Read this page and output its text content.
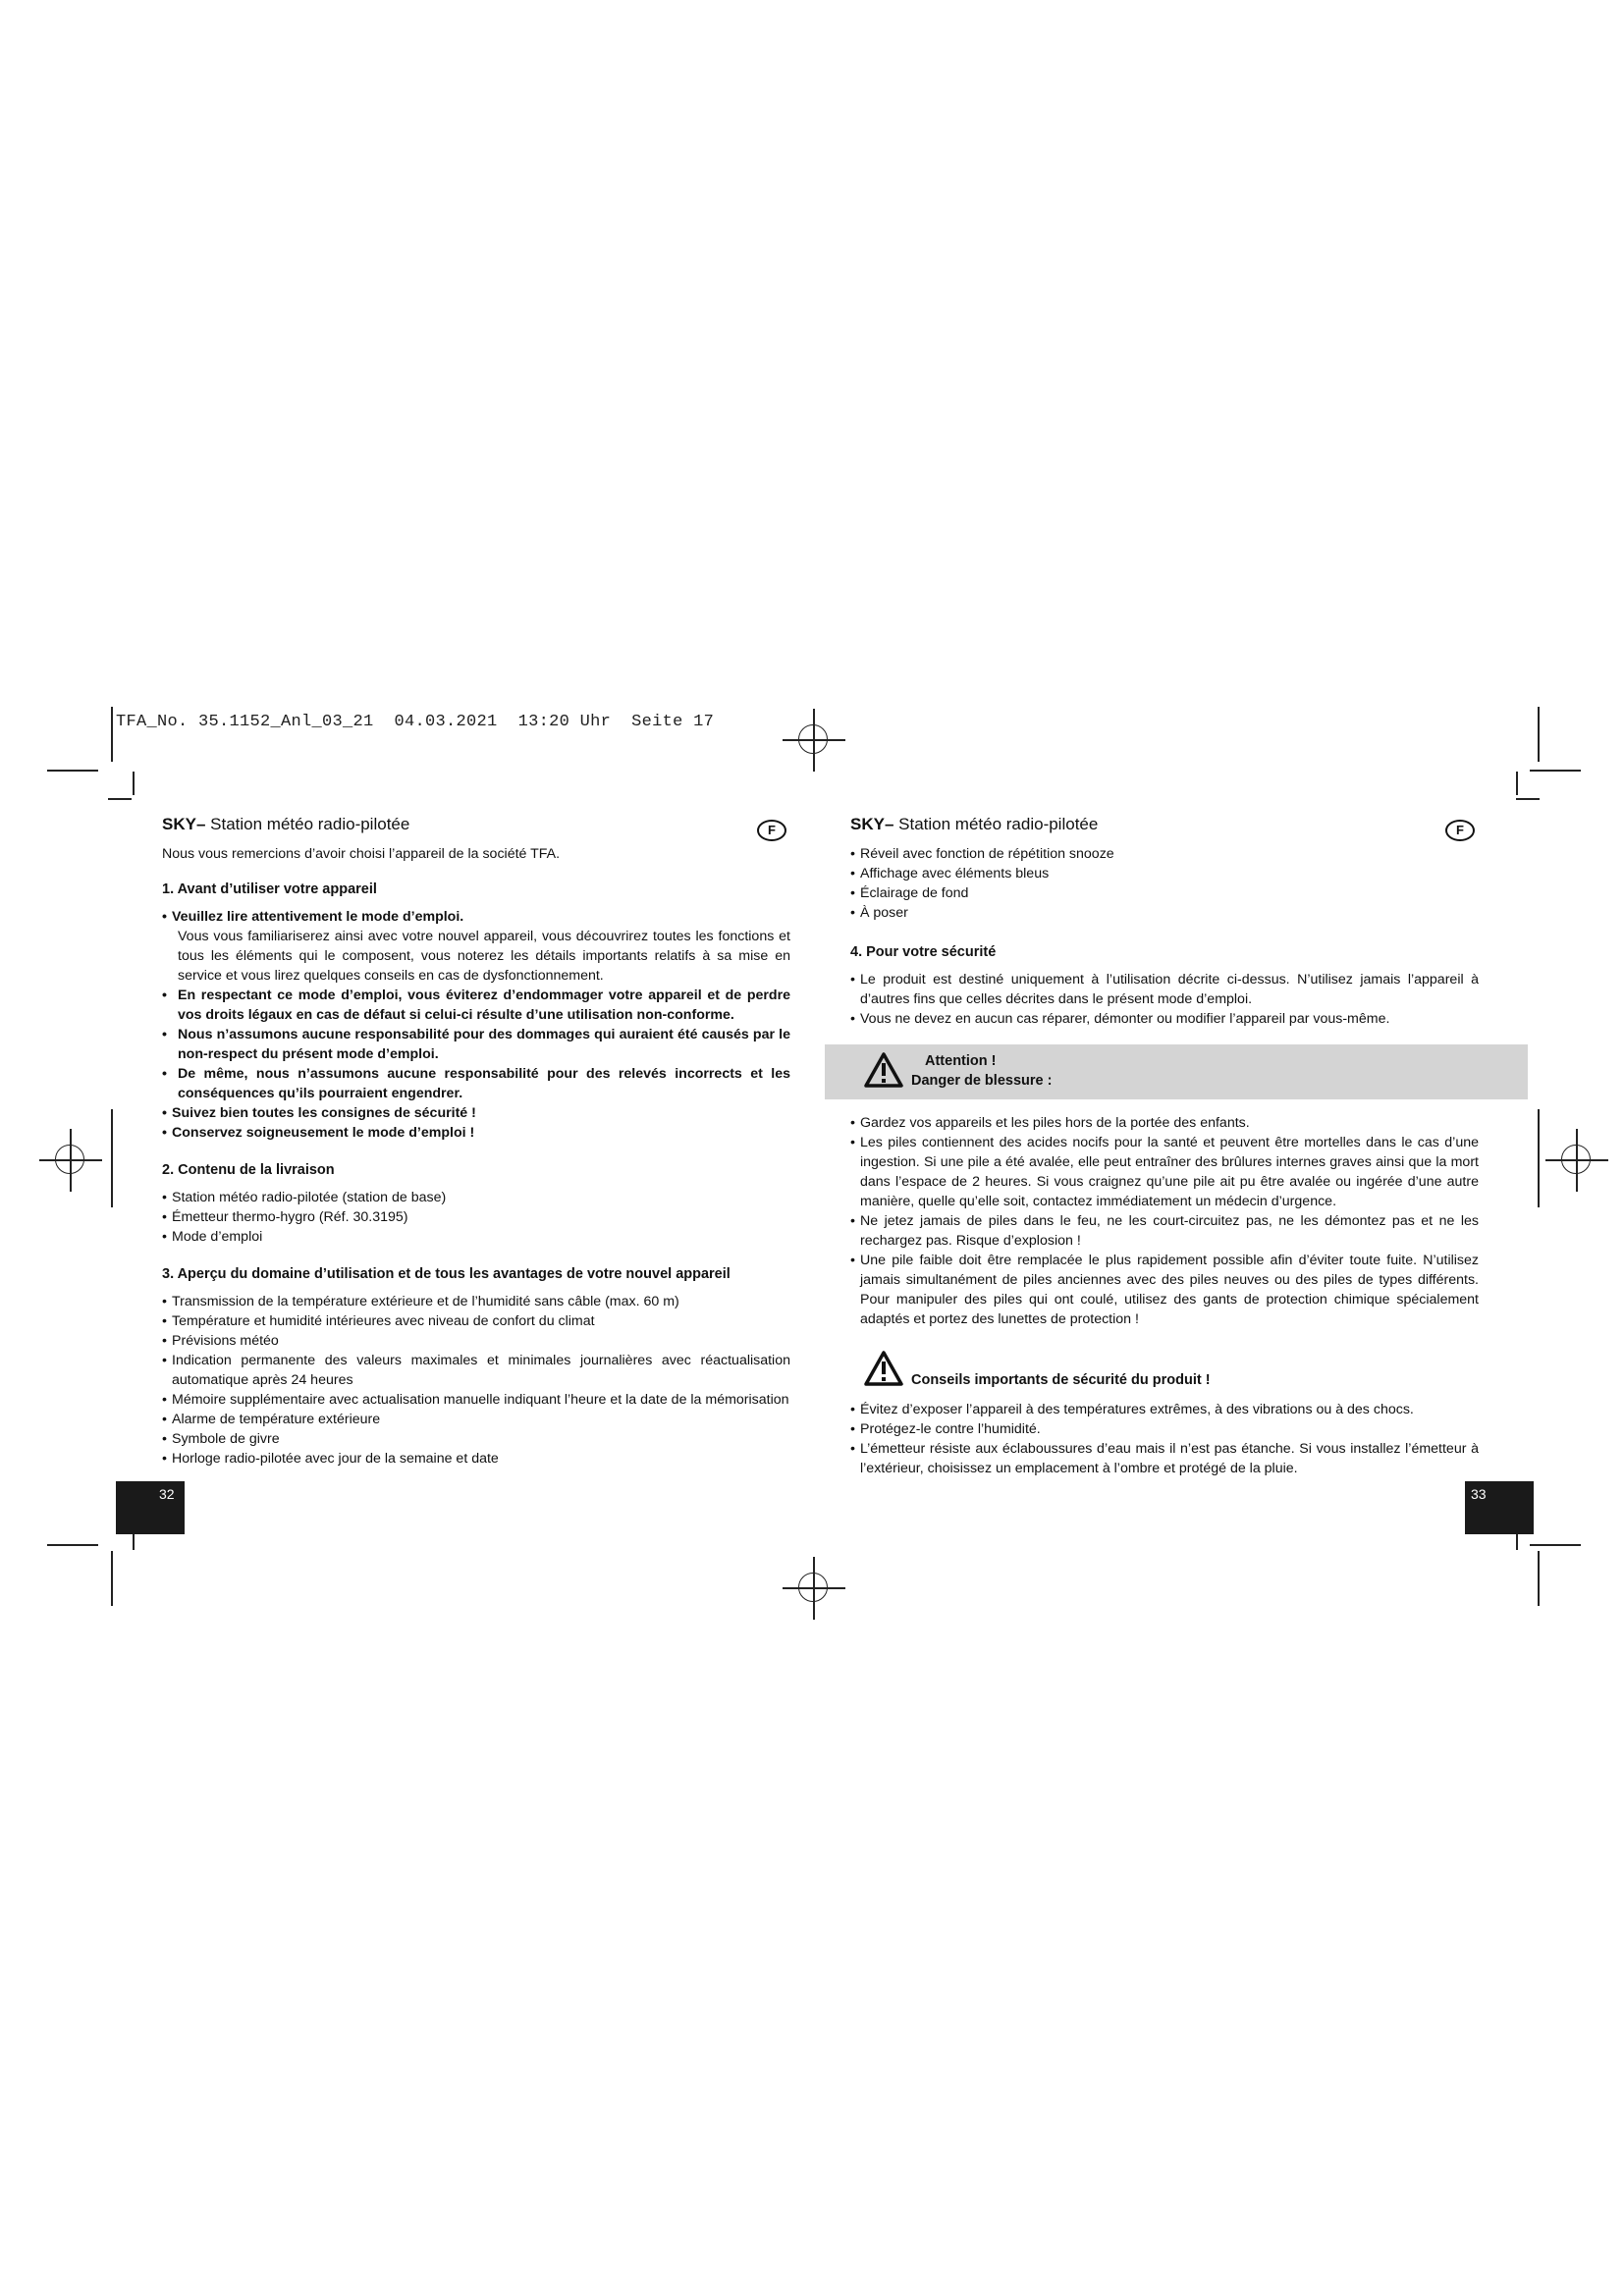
TFA_No. 35.1152_Anl_03_21  04.03.2021  13:20 Uhr  Seite 17
SKY– Station météo radio-pilotée

Nous vous remercions d’avoir choisi l’appareil de la société TFA.

1. Avant d’utiliser votre appareil
• Veuillez lire attentivement le mode d’emploi.
Vous vous familiariserez ainsi avec votre nouvel appareil, vous découvrirez toutes les fonctions et tous les éléments qui le composent, vous noterez les détails importants relatifs à sa mise en service et vous lirez quelques conseils en cas de dysfonctionnement.
• En respectant ce mode d’emploi, vous éviterez d’endommager votre appareil et de perdre vos droits légaux en cas de défaut si celui-ci résulte d’une utilisation non-conforme.
• Nous n’assumons aucune responsabilité pour des dommages qui auraient été causés par le non-respect du présent mode d’emploi.
• De même, nous n’assumons aucune responsabilité pour des relevés incorrects et les conséquences qu’ils pourraient engendrer.
• Suivez bien toutes les consignes de sécurité !
• Conservez soigneusement le mode d’emploi !
2. Contenu de la livraison
• Station météo radio-pilotée (station de base)
• Émetteur thermo-hygro (Réf. 30.3195)
• Mode d’emploi
3. Aperçu du domaine d’utilisation et de tous les avantages de votre nouvel appareil
• Transmission de la température extérieure et de l’humidité sans câble (max. 60 m)
• Température et humidité intérieures avec niveau de confort du climat
• Prévisions météo
• Indication permanente des valeurs maximales et minimales journalières avec réactualisation automatique après 24 heures
• Mémoire supplémentaire avec actualisation manuelle indiquant l’heure et la date de la mémorisation
• Alarme de température extérieure
• Symbole de givre
• Horloge radio-pilotée avec jour de la semaine et date
F
32
SKY– Station météo radio-pilotée
• Réveil avec fonction de répétition snooze
• Affichage avec éléments bleus
• Éclairage de fond
• À poser
4. Pour votre sécurité
• Le produit est destiné uniquement à l’utilisation décrite ci-dessus. N’utilisez jamais l’appareil à d’autres fins que celles décrites dans le présent mode d’emploi.
• Vous ne devez en aucun cas réparer, démonter ou modifier l’appareil par vous-même.
Attention !
Danger de blessure :
• Gardez vos appareils et les piles hors de la portée des enfants.
• Les piles contiennent des acides nocifs pour la santé et peuvent être mortelles dans le cas d’une ingestion. Si une pile a été avalée, elle peut entraîner des brûlures internes graves ainsi que la mort dans l’espace de 2 heures. Si vous craignez qu’une pile ait pu être avalée ou ingérée d’une autre manière, quelle qu’elle soit, contactez immédiatement un médecin d’urgence.
• Ne jetez jamais de piles dans le feu, ne les court-circuitez pas, ne les démontez pas et ne les rechargez pas. Risque d’explosion !
• Une pile faible doit être remplacée le plus rapidement possible afin d’éviter toute fuite. N’utilisez jamais simultanément de piles anciennes avec des piles neuves ou des piles de types différents. Pour manipuler des piles qui ont coulé, utilisez des gants de protection chimique spécialement adaptés et portez des lunettes de protection !
Conseils importants de sécurité du produit !
• Évitez d’exposer l’appareil à des températures extrêmes, à des vibrations ou à des chocs.
• Protégez-le contre l’humidité.
• L’émetteur résiste aux éclaboussures d’eau mais il n’est pas étanche. Si vous installez l’émetteur à l’extérieur, choisissez un emplacement à l’ombre et protégé de la pluie.
F
33
